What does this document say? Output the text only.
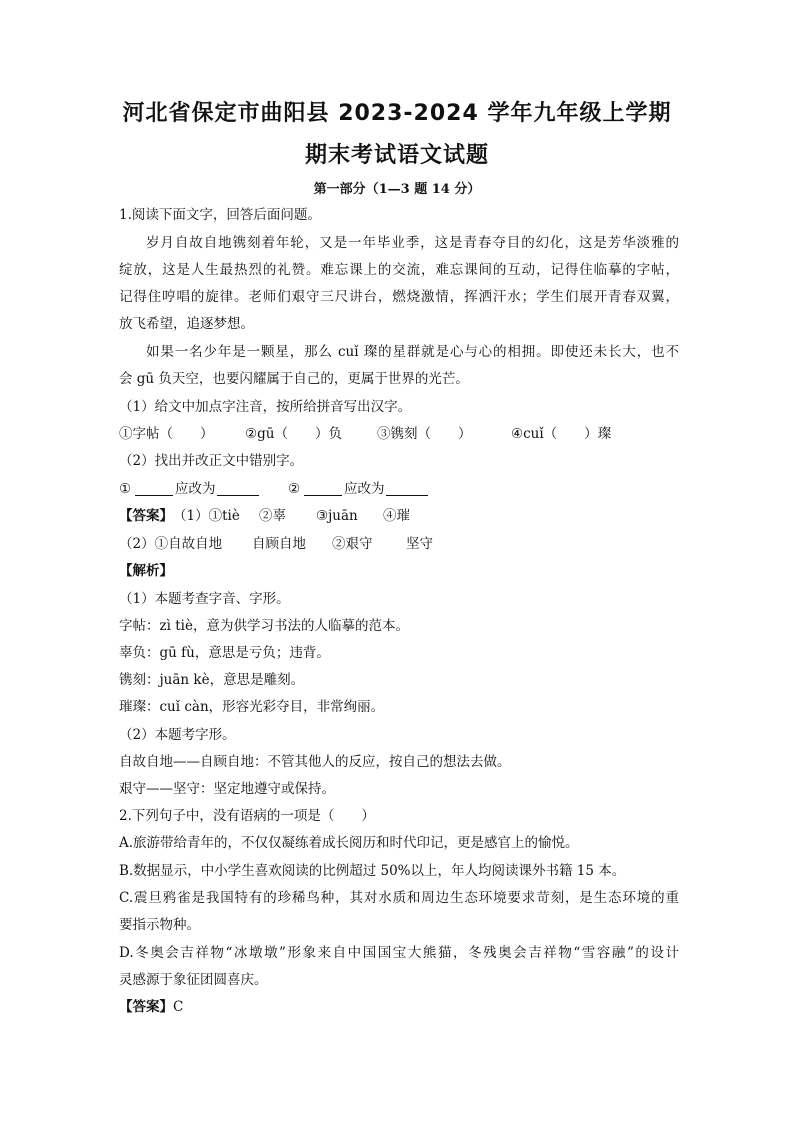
河北省保定市曲阳县 2023-2024 学年九年级上学期
期末考试语文试题
第一部分（1—3 题 14 分）
1.阅读下面文字，回答后面问题。
岁月自故自地镌刻着年轮，又是一年毕业季，这是青春夺目的幻化，这是芳华淡雅的
绽放，这是人生最热烈的礼赞。难忘课上的交流，难忘课间的互动，记得住临摹的字帖，
记得住哼唱的旋律。老师们艰守三尺讲台，燃烧激情，挥洒汗水；学生们展开青春双翼，
放飞希望，追逐梦想。
如果一名少年是一颗星，那么 cuǐ 璨的星群就是心与心的相拥。即使还未长大，也不
会 gū 负天空，也要闪耀属于自己的，更属于世界的光芒。
（1）给文中加点字注音，按所给拼音写出汉字。
①字帖（　　） ②gū（　　）负	③镌刻（　　）	④cuǐ（　　）璨
（2）找出并改正文中错别字。
①	应改为	②	应改为
【答案】 （1）①tiè ②辜 ③juān ④璀
（2）①自故自地 自顾自地 ②艰守 坚守
【解析】
（1）本题考查字音、字形。
字帖：zì tiè，意为供学习书法的人临摹的范本。
辜负：gū fù，意思是亏负；违背。
镌刻：juān kè，意思是雕刻。
璀璨：cuǐ càn，形容光彩夺目，非常绚丽。
（2）本题考字形。
自故自地——自顾自地：不管其他人的反应，按自己的想法去做。
艰守——坚守：坚定地遵守或保持。
2.下列句子中，没有语病的一项是（　　）
A.旅游带给青年的，不仅仅凝练着成长阅历和时代印记，更是感官上的愉悦。
B.数据显示，中小学生喜欢阅读的比例超过 50%以上，年人均阅读课外书籍 15 本。
C.震旦鸦雀是我国特有的珍稀鸟种，其对水质和周边生态环境要求苛刻，是生态环境的重
要指示物种。
D.冬奥会吉祥物“冰墩墩”形象来自中国国宝大熊猫，冬残奥会吉祥物“雪容融”的设计
灵感源于象征团圆喜庆。
【答案】C
